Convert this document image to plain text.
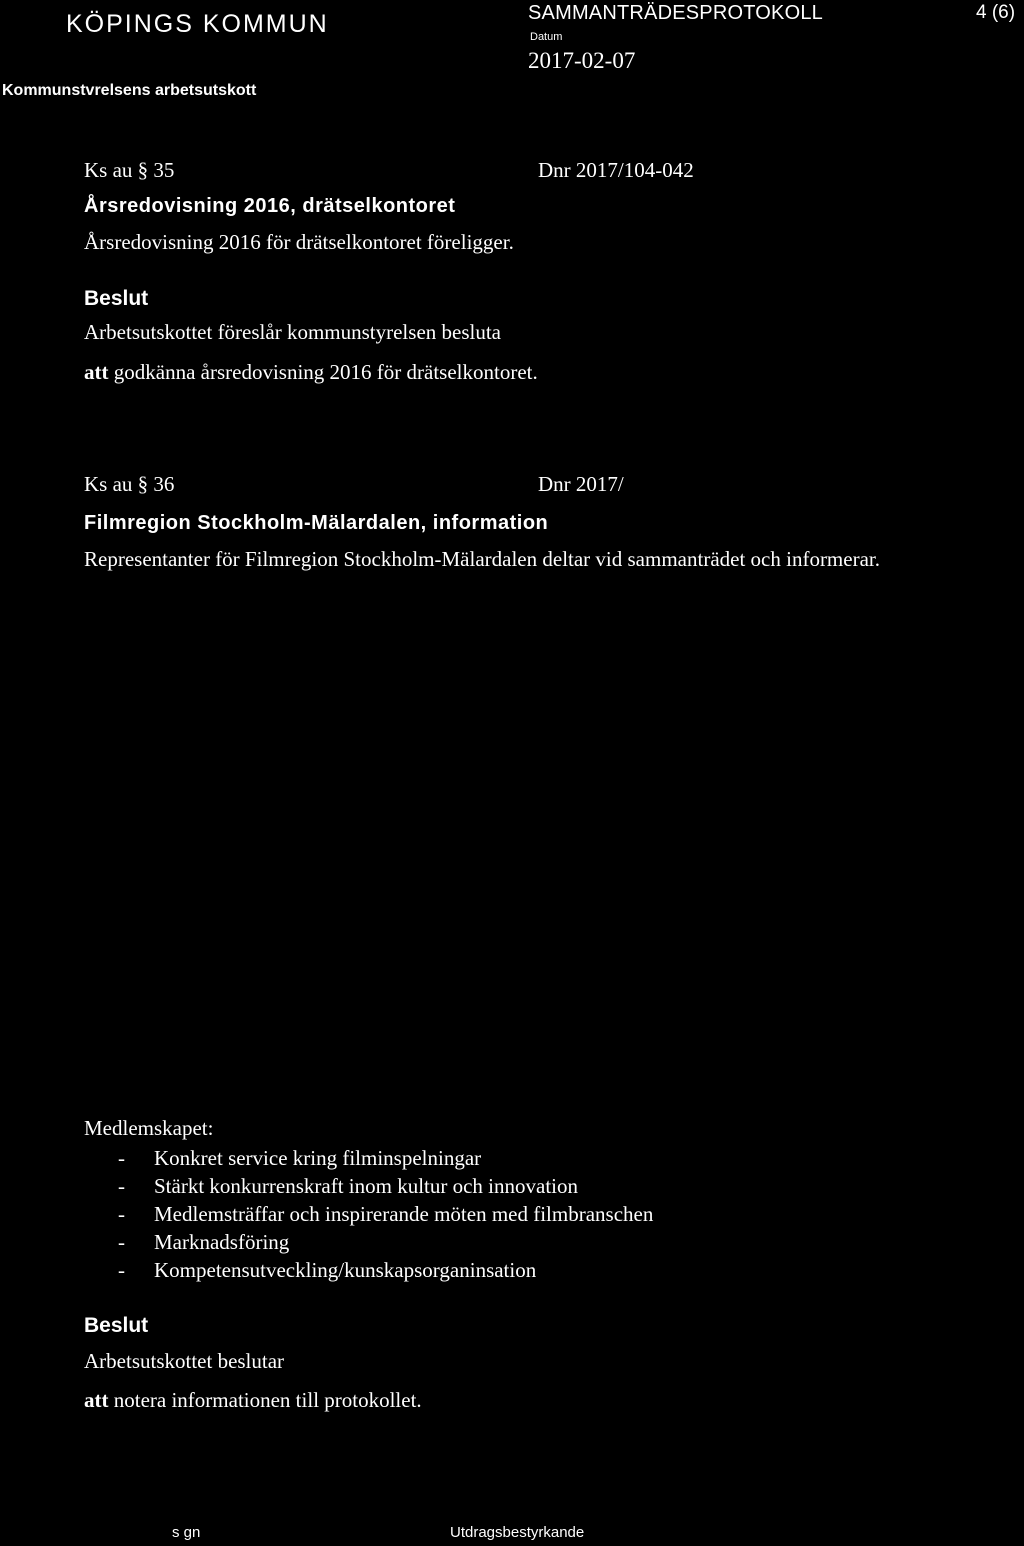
KÖPINGS KOMMUN
Kommunstvrelsens arbetsutskott
SAMMANTRÄDESPROTOKOLL
Datum
2017-02-07
4 (6)
Ks au § 35	Dnr 2017/104-042
Årsredovisning 2016, drätselkontoret
Årsredovisning 2016 för drätselkontoret föreligger.
Beslut
Arbetsutskottet föreslår kommunstyrelsen besluta
att godkänna årsredovisning 2016 för drätselkontoret.
Ks au § 36	Dnr 2017/
Filmregion Stockholm-Mälardalen, information
Representanter för Filmregion Stockholm-Mälardalen deltar vid sammanträdet och informerar.
Medlemskapet:
- Konkret service kring filminspelningar
- Stärkt konkurrenskraft inom kultur och innovation
- Medlemsträffar och inspirerande möten med filmbranschen
- Marknadsföring
- Kompetensutveckling/kunskapsorganinsation
Beslut
Arbetsutskottet beslutar
att notera informationen till protokollet.
s gn	Utdragsbestyrkande
